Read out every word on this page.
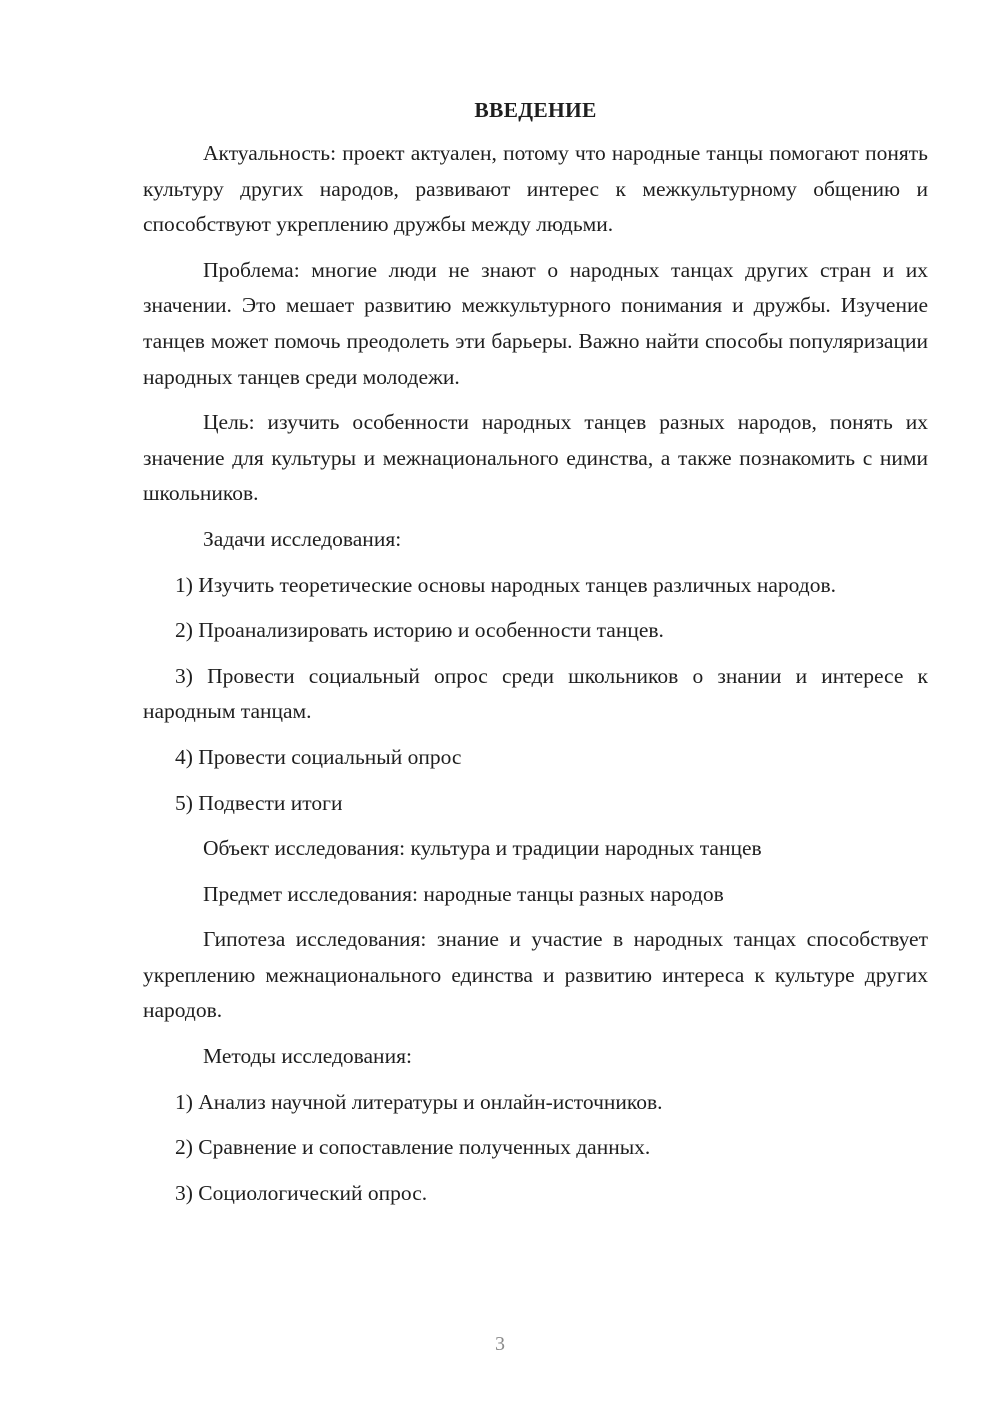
ВВЕДЕНИЕ

Актуальность: проект актуален, потому что народные танцы помогают понять культуру других народов, развивают интерес к межкультурному общению и способствуют укреплению дружбы между людьми.

Проблема: многие люди не знают о народных танцах других стран и их значении. Это мешает развитию межкультурного понимания и дружбы. Изучение танцев может помочь преодолеть эти барьеры. Важно найти способы популяризации народных танцев среди молодежи.

Цель: изучить особенности народных танцев разных народов, понять их значение для культуры и межнационального единства, а также познакомить с ними школьников.

Задачи исследования:

1) Изучить теоретические основы народных танцев различных народов.

2) Проанализировать историю и особенности танцев.

3) Провести социальный опрос среди школьников о знании и интересе к народным танцам.

4) Провести социальный опрос

5) Подвести итоги

Объект исследования: культура и традиции народных танцев

Предмет исследования: народные танцы разных народов

Гипотеза исследования: знание и участие в народных танцах способствует укреплению межнационального единства и развитию интереса к культуре других народов.

Методы исследования:

1) Анализ научной литературы и онлайн-источников.

2) Сравнение и сопоставление полученных данных.

3) Социологический опрос.

3
